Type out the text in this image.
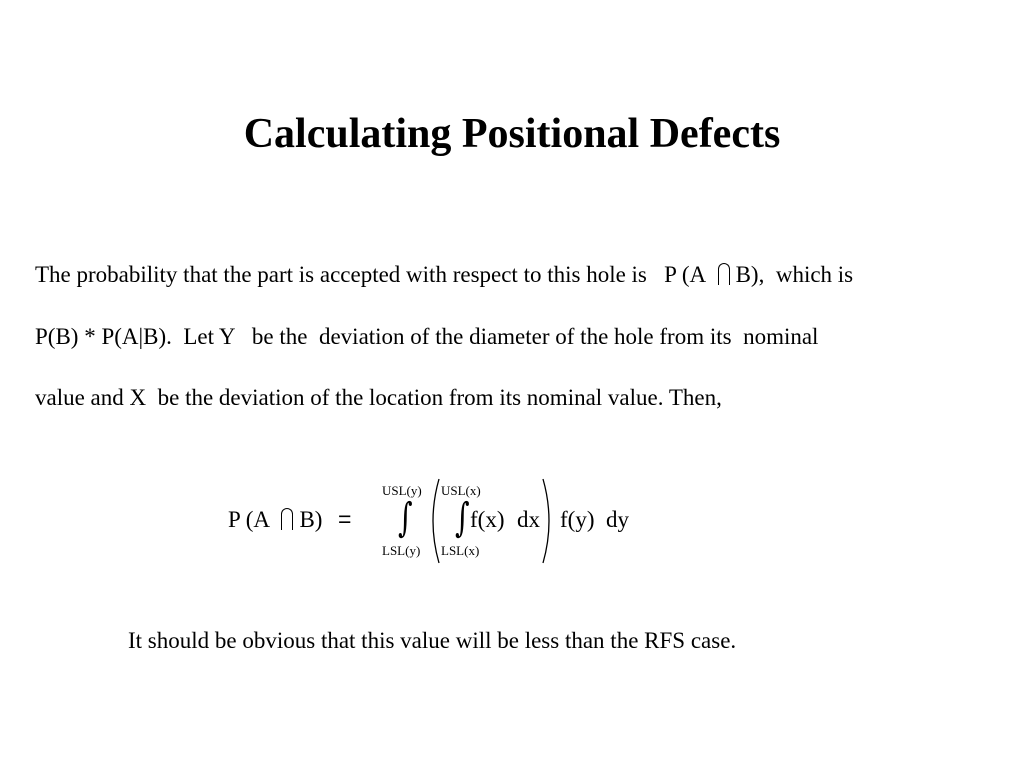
Calculating Positional Defects
The probability that the part is accepted with respect to this hole is   P (A B),  which is
P(B) * P(A|B).  Let Y   be the  deviation of the diameter of the hole from its  nominal
value and X  be the deviation of the location from its nominal value. Then,
P (A B) =
USL(y)
∫
LSL(y)
USL(x)
∫
LSL(x)
f(x) dx f(y) dy
It should be obvious that this value will be less than the RFS case.
